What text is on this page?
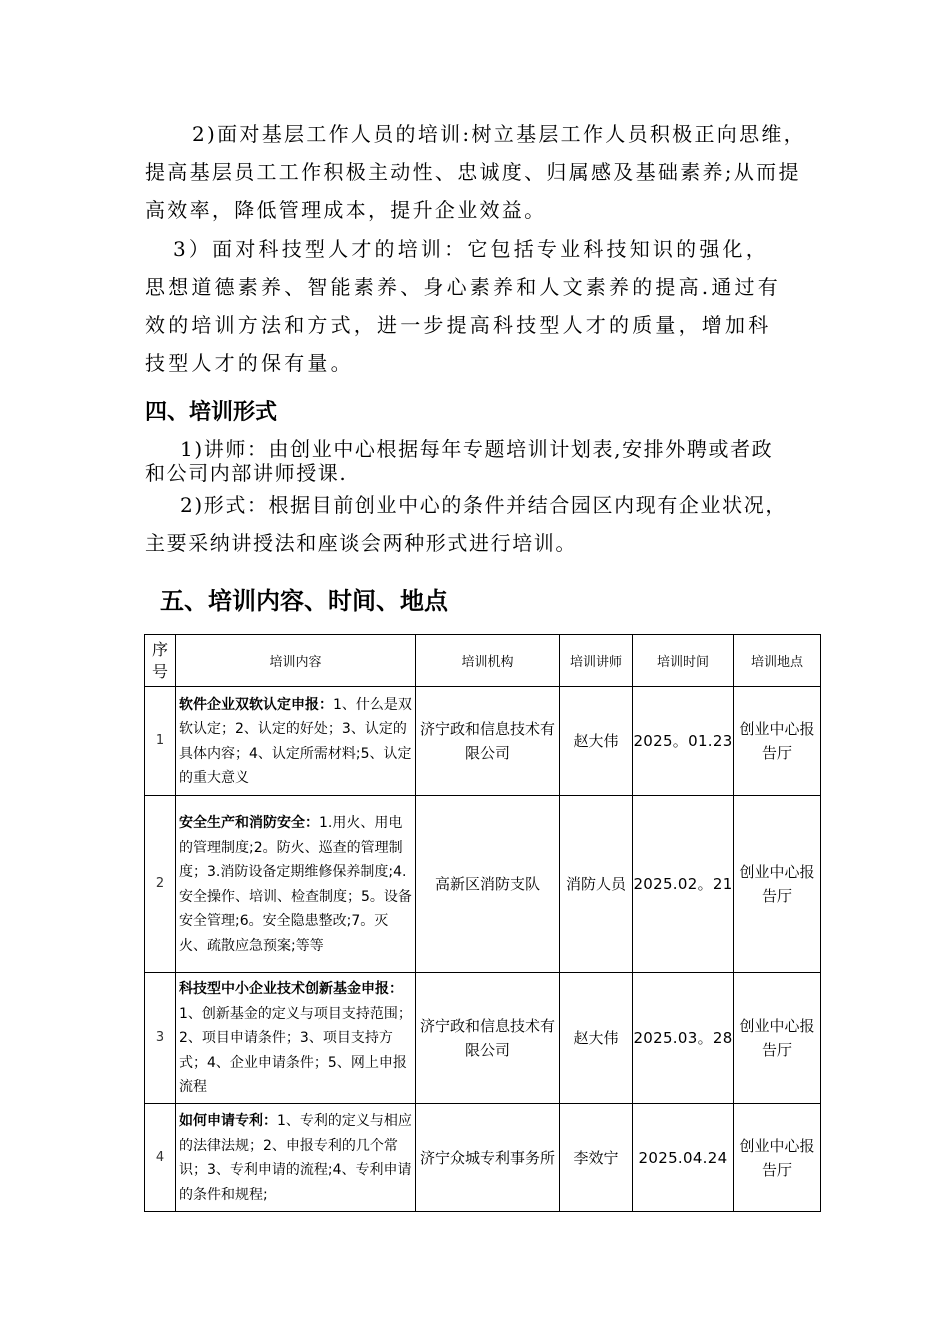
2)面对基层工作人员的培训:树立基层工作人员积极正向思维，
提高基层员工工作积极主动性、忠诚度、归属感及基础素养;从而提
高效率，降低管理成本，提升企业效益。

3）面对科技型人才的培训：它包括专业科技知识的强化，
思想道德素养、智能素养、身心素养和人文素养的提高.通过有
效的培训方法和方式，进一步提高科技型人才的质量，增加科
技型人才的保有量。

四、培训形式

1)讲师：由创业中心根据每年专题培训计划表,安排外聘或者政
和公司内部讲师授课.

2)形式：根据目前创业中心的条件并结合园区内现有企业状况，
主要采纳讲授法和座谈会两种形式进行培训。

五、培训内容、时间、地点
序号	培训内容	培训机构	培训讲师	培训时间	培训地点
1	软件企业双软认定申报：1、什么是双软认定；2、认定的好处；3、认定的具体内容；4、认定所需材料;5、认定的重大意义	济宁政和信息技术有限公司	赵大伟	2025。01.23	创业中心报告厅
2	安全生产和消防安全：1.用火、用电的管理制度;2。防火、巡查的管理制度；3.消防设备定期维修保养制度;4.安全操作、培训、检查制度；5。设备安全管理;6。安全隐患整改;7。灭火、疏散应急预案;等等	高新区消防支队	消防人员	2025.02。21	创业中心报告厅
3	科技型中小企业技术创新基金申报：1、创新基金的定义与项目支持范围；2、项目申请条件；3、项目支持方式；4、企业申请条件；5、网上申报流程	济宁政和信息技术有限公司	赵大伟	2025.03。28	创业中心报告厅
4	如何申请专利：1、专利的定义与相应的法律法规；2、申报专利的几个常识；3、专利申请的流程;4、专利申请的条件和规程;	济宁众城专利事务所	李效宁	2025.04.24	创业中心报告厅
